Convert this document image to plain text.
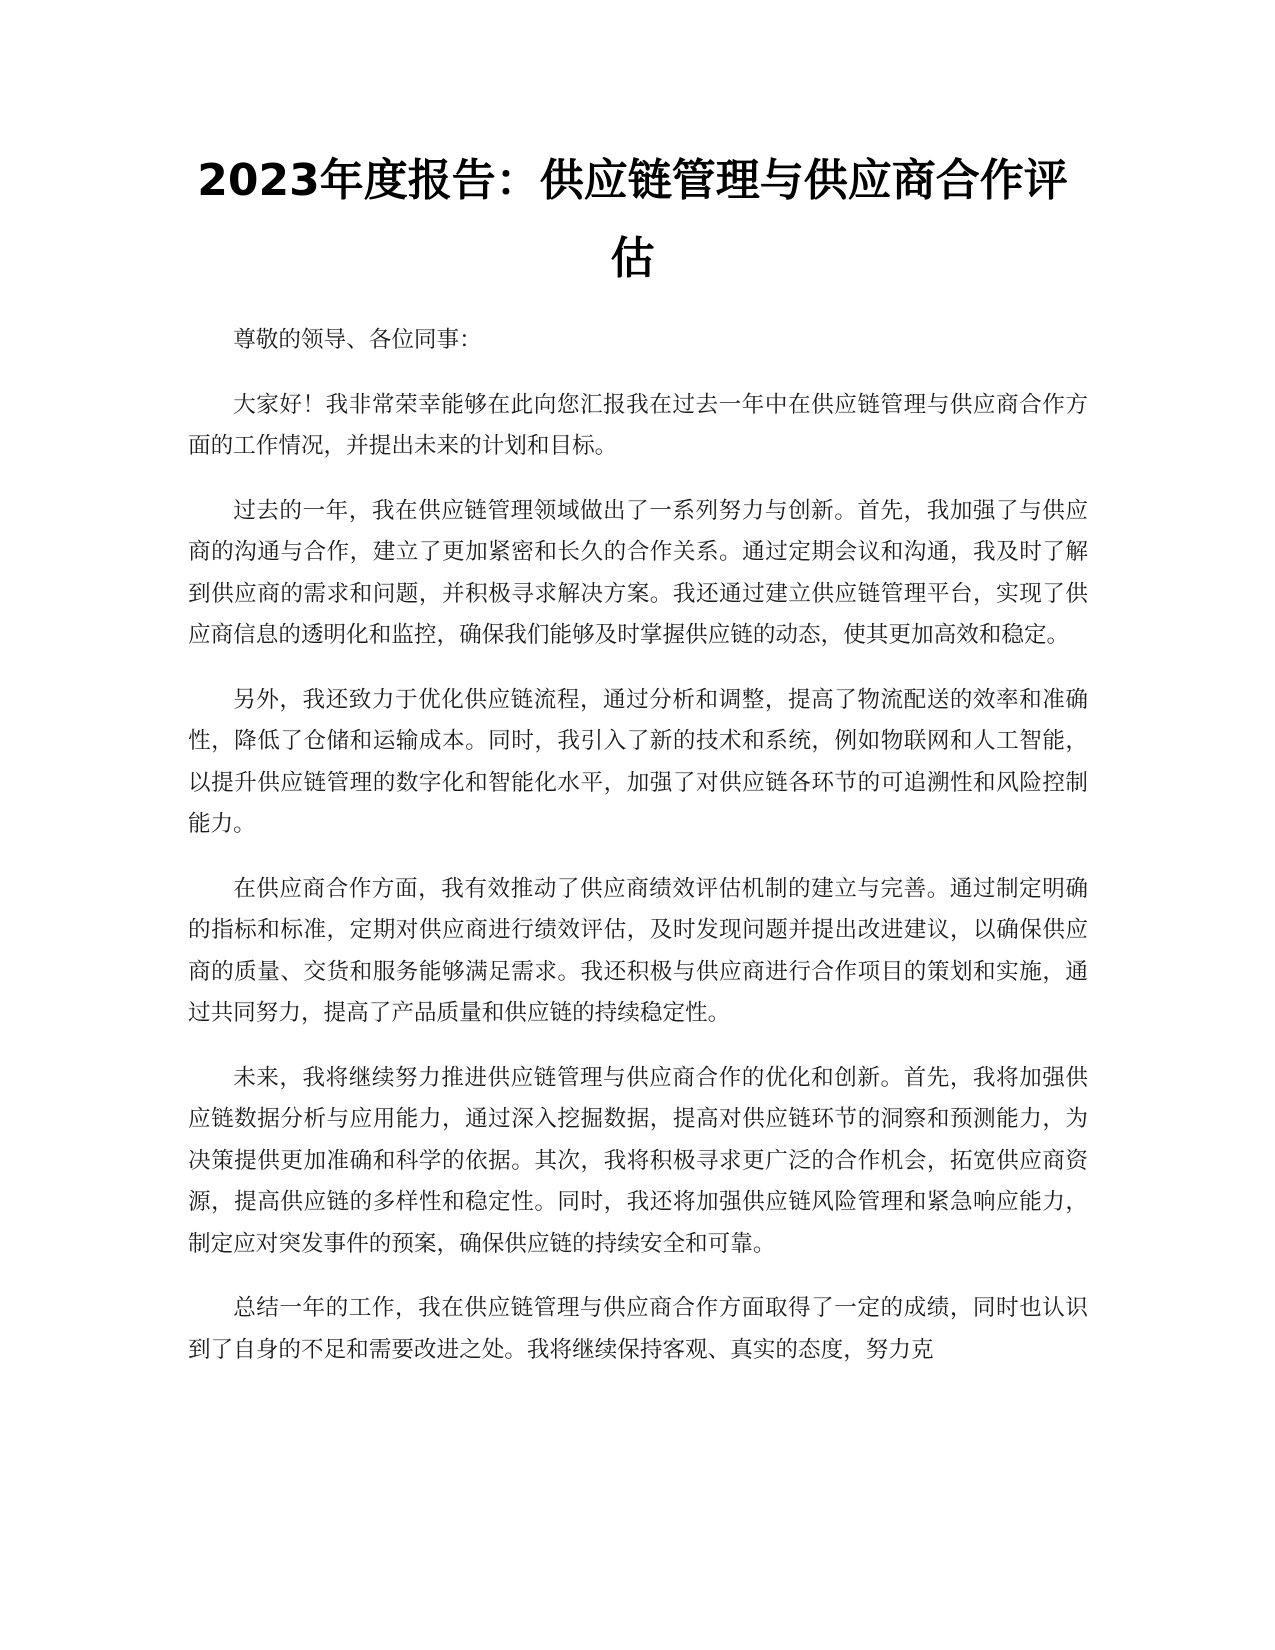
2023年度报告：供应链管理与供应商合作评估

尊敬的领导、各位同事：

大家好！我非常荣幸能够在此向您汇报我在过去一年中在供应链管理与供应商合作方面的工作情况，并提出未来的计划和目标。

过去的一年，我在供应链管理领域做出了一系列努力与创新。首先，我加强了与供应商的沟通与合作，建立了更加紧密和长久的合作关系。通过定期会议和沟通，我及时了解到供应商的需求和问题，并积极寻求解决方案。我还通过建立供应链管理平台，实现了供应商信息的透明化和监控，确保我们能够及时掌握供应链的动态，使其更加高效和稳定。

另外，我还致力于优化供应链流程，通过分析和调整，提高了物流配送的效率和准确性，降低了仓储和运输成本。同时，我引入了新的技术和系统，例如物联网和人工智能，以提升供应链管理的数字化和智能化水平，加强了对供应链各环节的可追溯性和风险控制能力。

在供应商合作方面，我有效推动了供应商绩效评估机制的建立与完善。通过制定明确的指标和标准，定期对供应商进行绩效评估，及时发现问题并提出改进建议，以确保供应商的质量、交货和服务能够满足需求。我还积极与供应商进行合作项目的策划和实施，通过共同努力，提高了产品质量和供应链的持续稳定性。

未来，我将继续努力推进供应链管理与供应商合作的优化和创新。首先，我将加强供应链数据分析与应用能力，通过深入挖掘数据，提高对供应链环节的洞察和预测能力，为决策提供更加准确和科学的依据。其次，我将积极寻求更广泛的合作机会，拓宽供应商资源，提高供应链的多样性和稳定性。同时，我还将加强供应链风险管理和紧急响应能力，制定应对突发事件的预案，确保供应链的持续安全和可靠。

总结一年的工作，我在供应链管理与供应商合作方面取得了一定的成绩，同时也认识到了自身的不足和需要改进之处。我将继续保持客观、真实的态度，努力克
